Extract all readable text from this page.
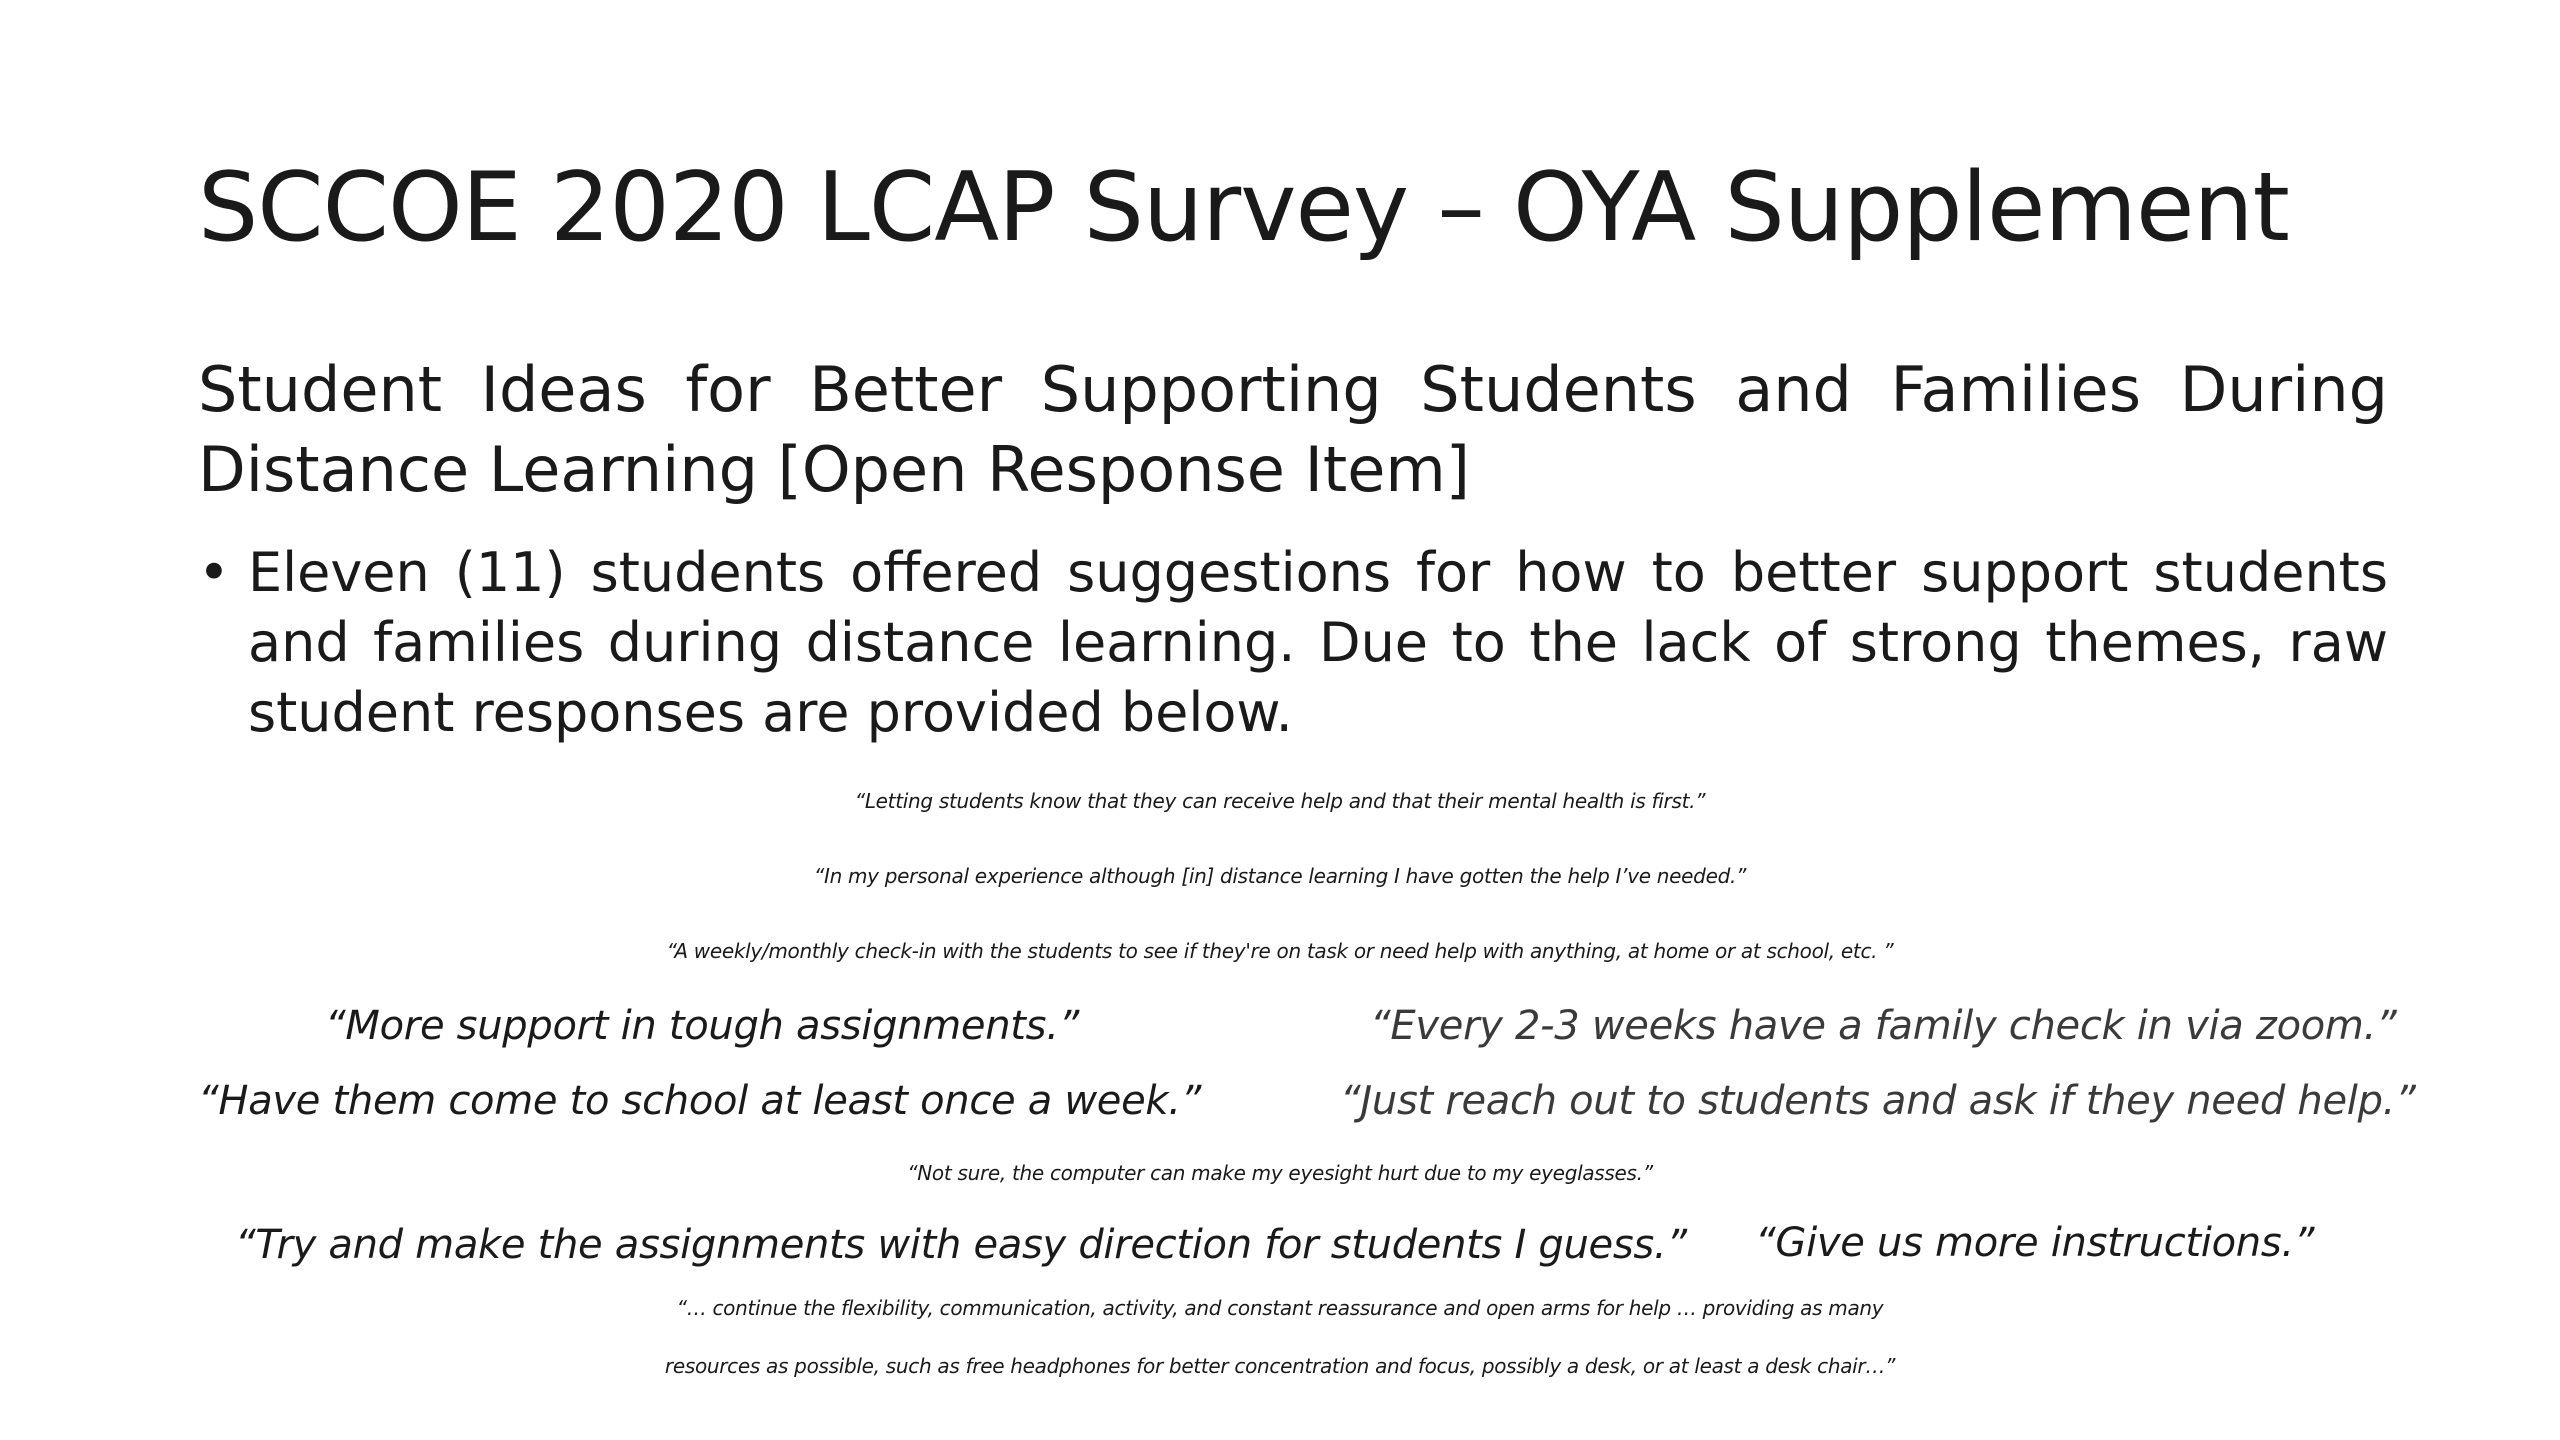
SCCOE 2020 LCAP Survey – OYA Supplement
Student Ideas for Better Supporting Students and Families During Distance Learning [Open Response Item]
• Eleven (11) students offered suggestions for how to better support students and families during distance learning. Due to the lack of strong themes, raw student responses are provided below.
“Letting students know that they can receive help and that their mental health is first.”
“In my personal experience although [in] distance learning I have gotten the help I’ve needed.”
“A weekly/monthly check-in with the students to see if they're on task or need help with anything, at home or at school, etc. ”
“More support in tough assignments.”	“Every 2-3 weeks have a family check in via zoom.”
“Have them come to school at least once a week.”	“Just reach out to students and ask if they need help.”
“Not sure, the computer can make my eyesight hurt due to my eyeglasses.”
“Try and make the assignments with easy direction for students I guess.” “Give us more instructions.”
“… continue the flexibility, communication, activity, and constant reassurance and open arms for help … providing as many
resources as possible, such as free headphones for better concentration and focus, possibly a desk, or at least a desk chair…”
